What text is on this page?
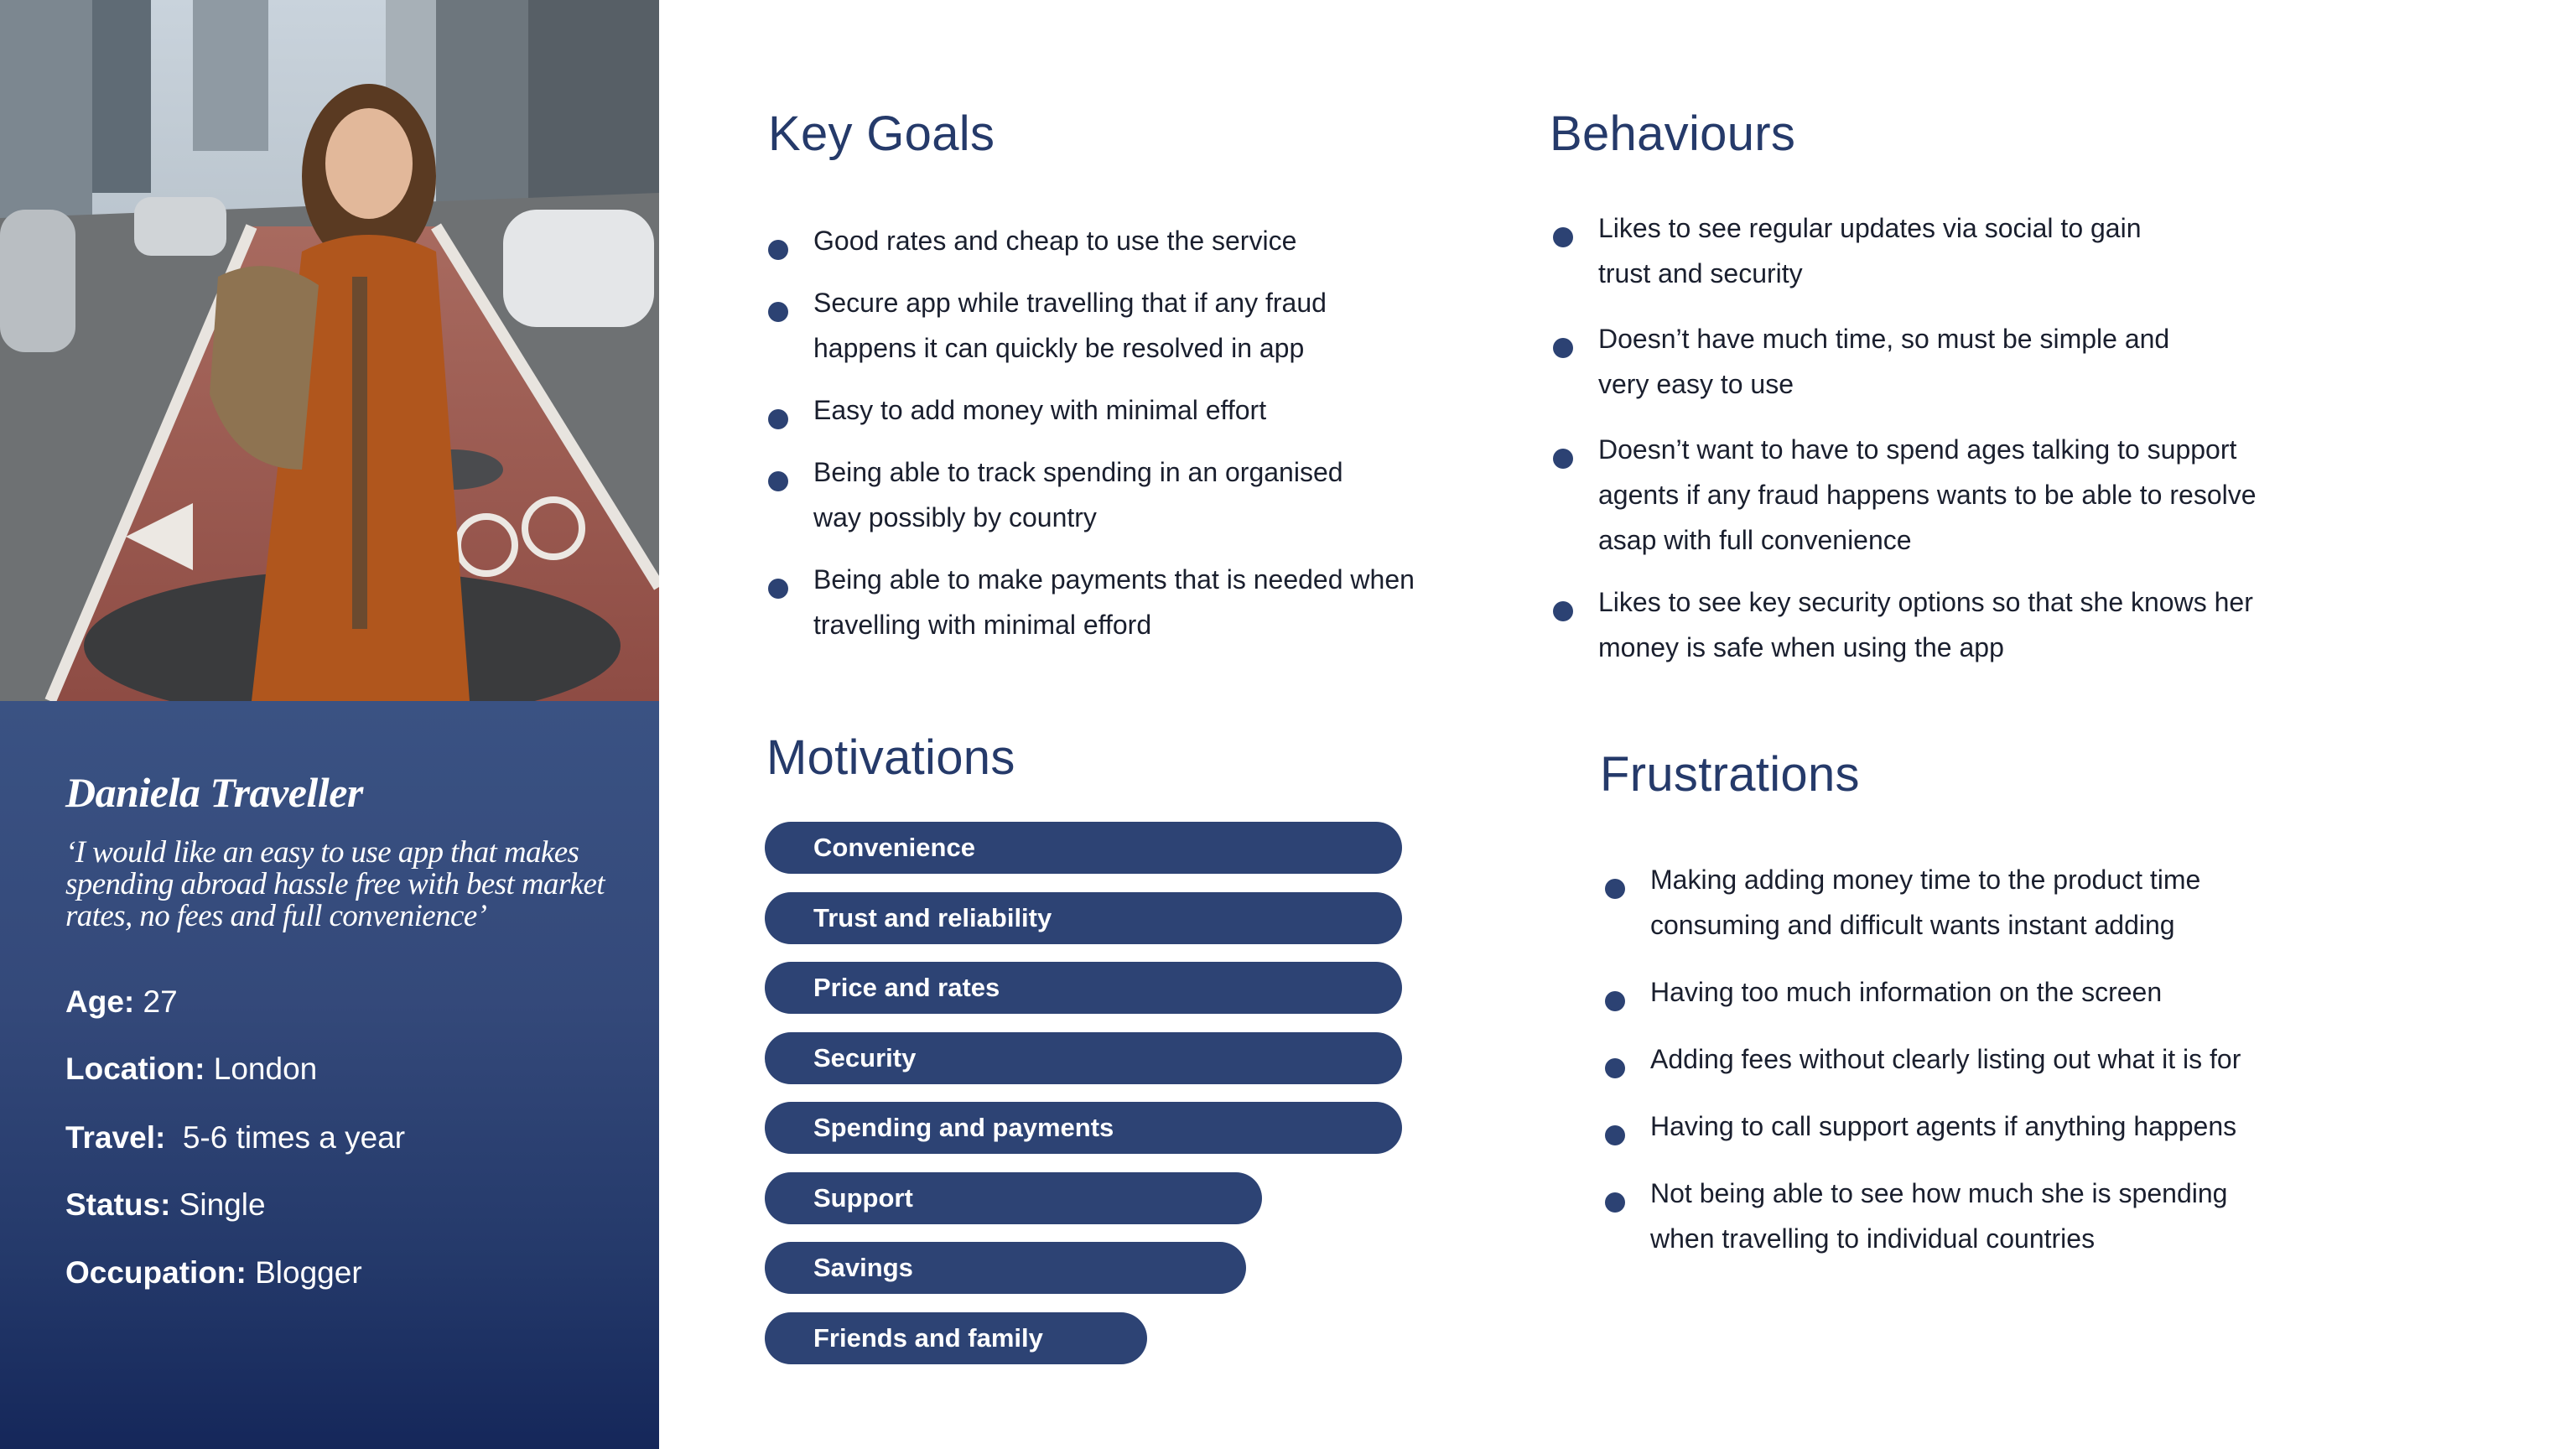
Daniela Traveller
‘I would like an easy to use app that makes spending abroad hassle free with best market rates, no fees and full convenience’
Age: 27
Location: London
Travel:  5-6 times a year
Status: Single
Occupation: Blogger
Key Goals
Good rates and cheap to use the service
Secure app while travelling that if any fraud
happens it can quickly be resolved in app
Easy to add money with minimal effort
Being able to track spending in an organised
way possibly by country
Being able to make payments that is needed when
travelling with minimal efford
Behaviours
Likes to see regular updates via social to gain
trust and security
Doesn’t have much time, so must be simple and
very easy to use
Doesn’t want to have to spend ages talking to support
agents if any fraud happens wants to be able to resolve
asap with full convenience
Likes to see key security options so that she knows her
money is safe when using the app
Motivations
Convenience
Trust and reliability
Price and rates
Security
Spending and payments
Support
Savings
Friends and family
Frustrations
Making adding money time to the product time
consuming and difficult wants instant adding
Having too much information on the screen
Adding fees without clearly listing out what it is for
Having to call support agents if anything happens
Not being able to see how much she is spending
when travelling to individual countries
